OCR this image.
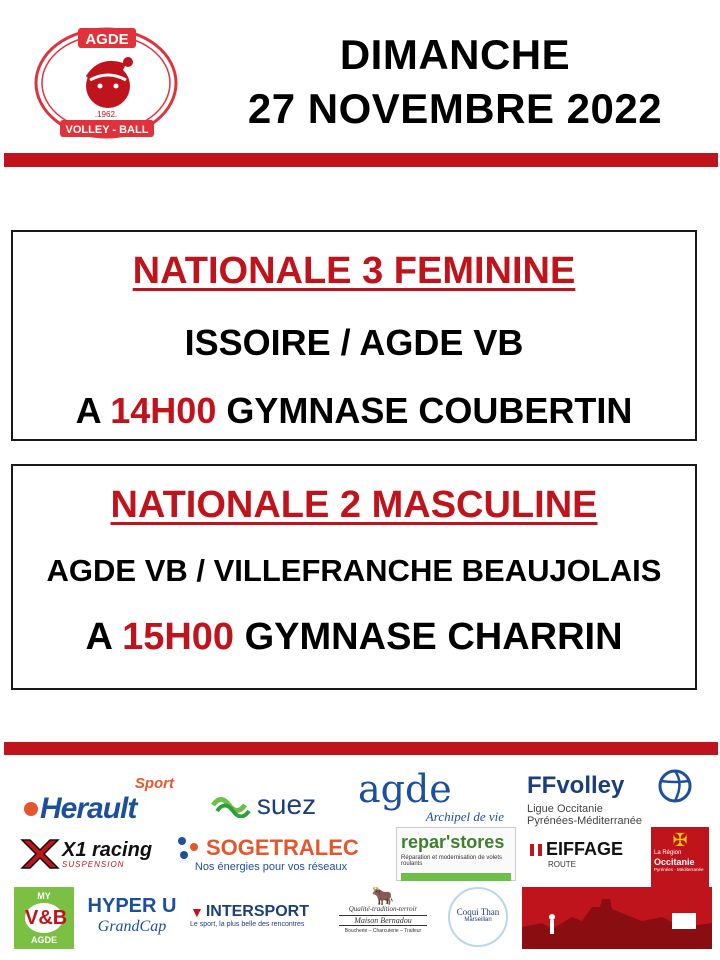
AGDE
.1962.
VOLLEY - BALL
DIMANCHE
27 NOVEMBRE 2022
NATIONALE 3 FEMININE
ISSOIRE / AGDE VB
A 14H00 GYMNASE COUBERTIN
NATIONALE 2 MASCULINE
AGDE VB / VILLEFRANCHE BEAUJOLAIS
A 15H00 GYMNASE CHARRIN
Sport
Herault	suez agde
Archipel de vie
FFvolley
Ligue Occitanie
Pyrénées-Méditerranée
X1 racing
SUSPENSION
SOGETRALEC
Nos énergies pour vos réseaux
repar'stores
Réparation et modernisation de volets roulants
EIFFAGE
ROUTE
✠
La Région
Occitanie
Pyrénées · Méditerranée
MY
V&B
AGDE
HYPER U
GrandCap
▼ INTERSPORT
Le sport, la plus belle des rencontres
🐂
Qualité-tradition-terroir
Maison Bernadou
Boucherie – Charcuterie – Traiteur
Coqui Than
Marseillan
